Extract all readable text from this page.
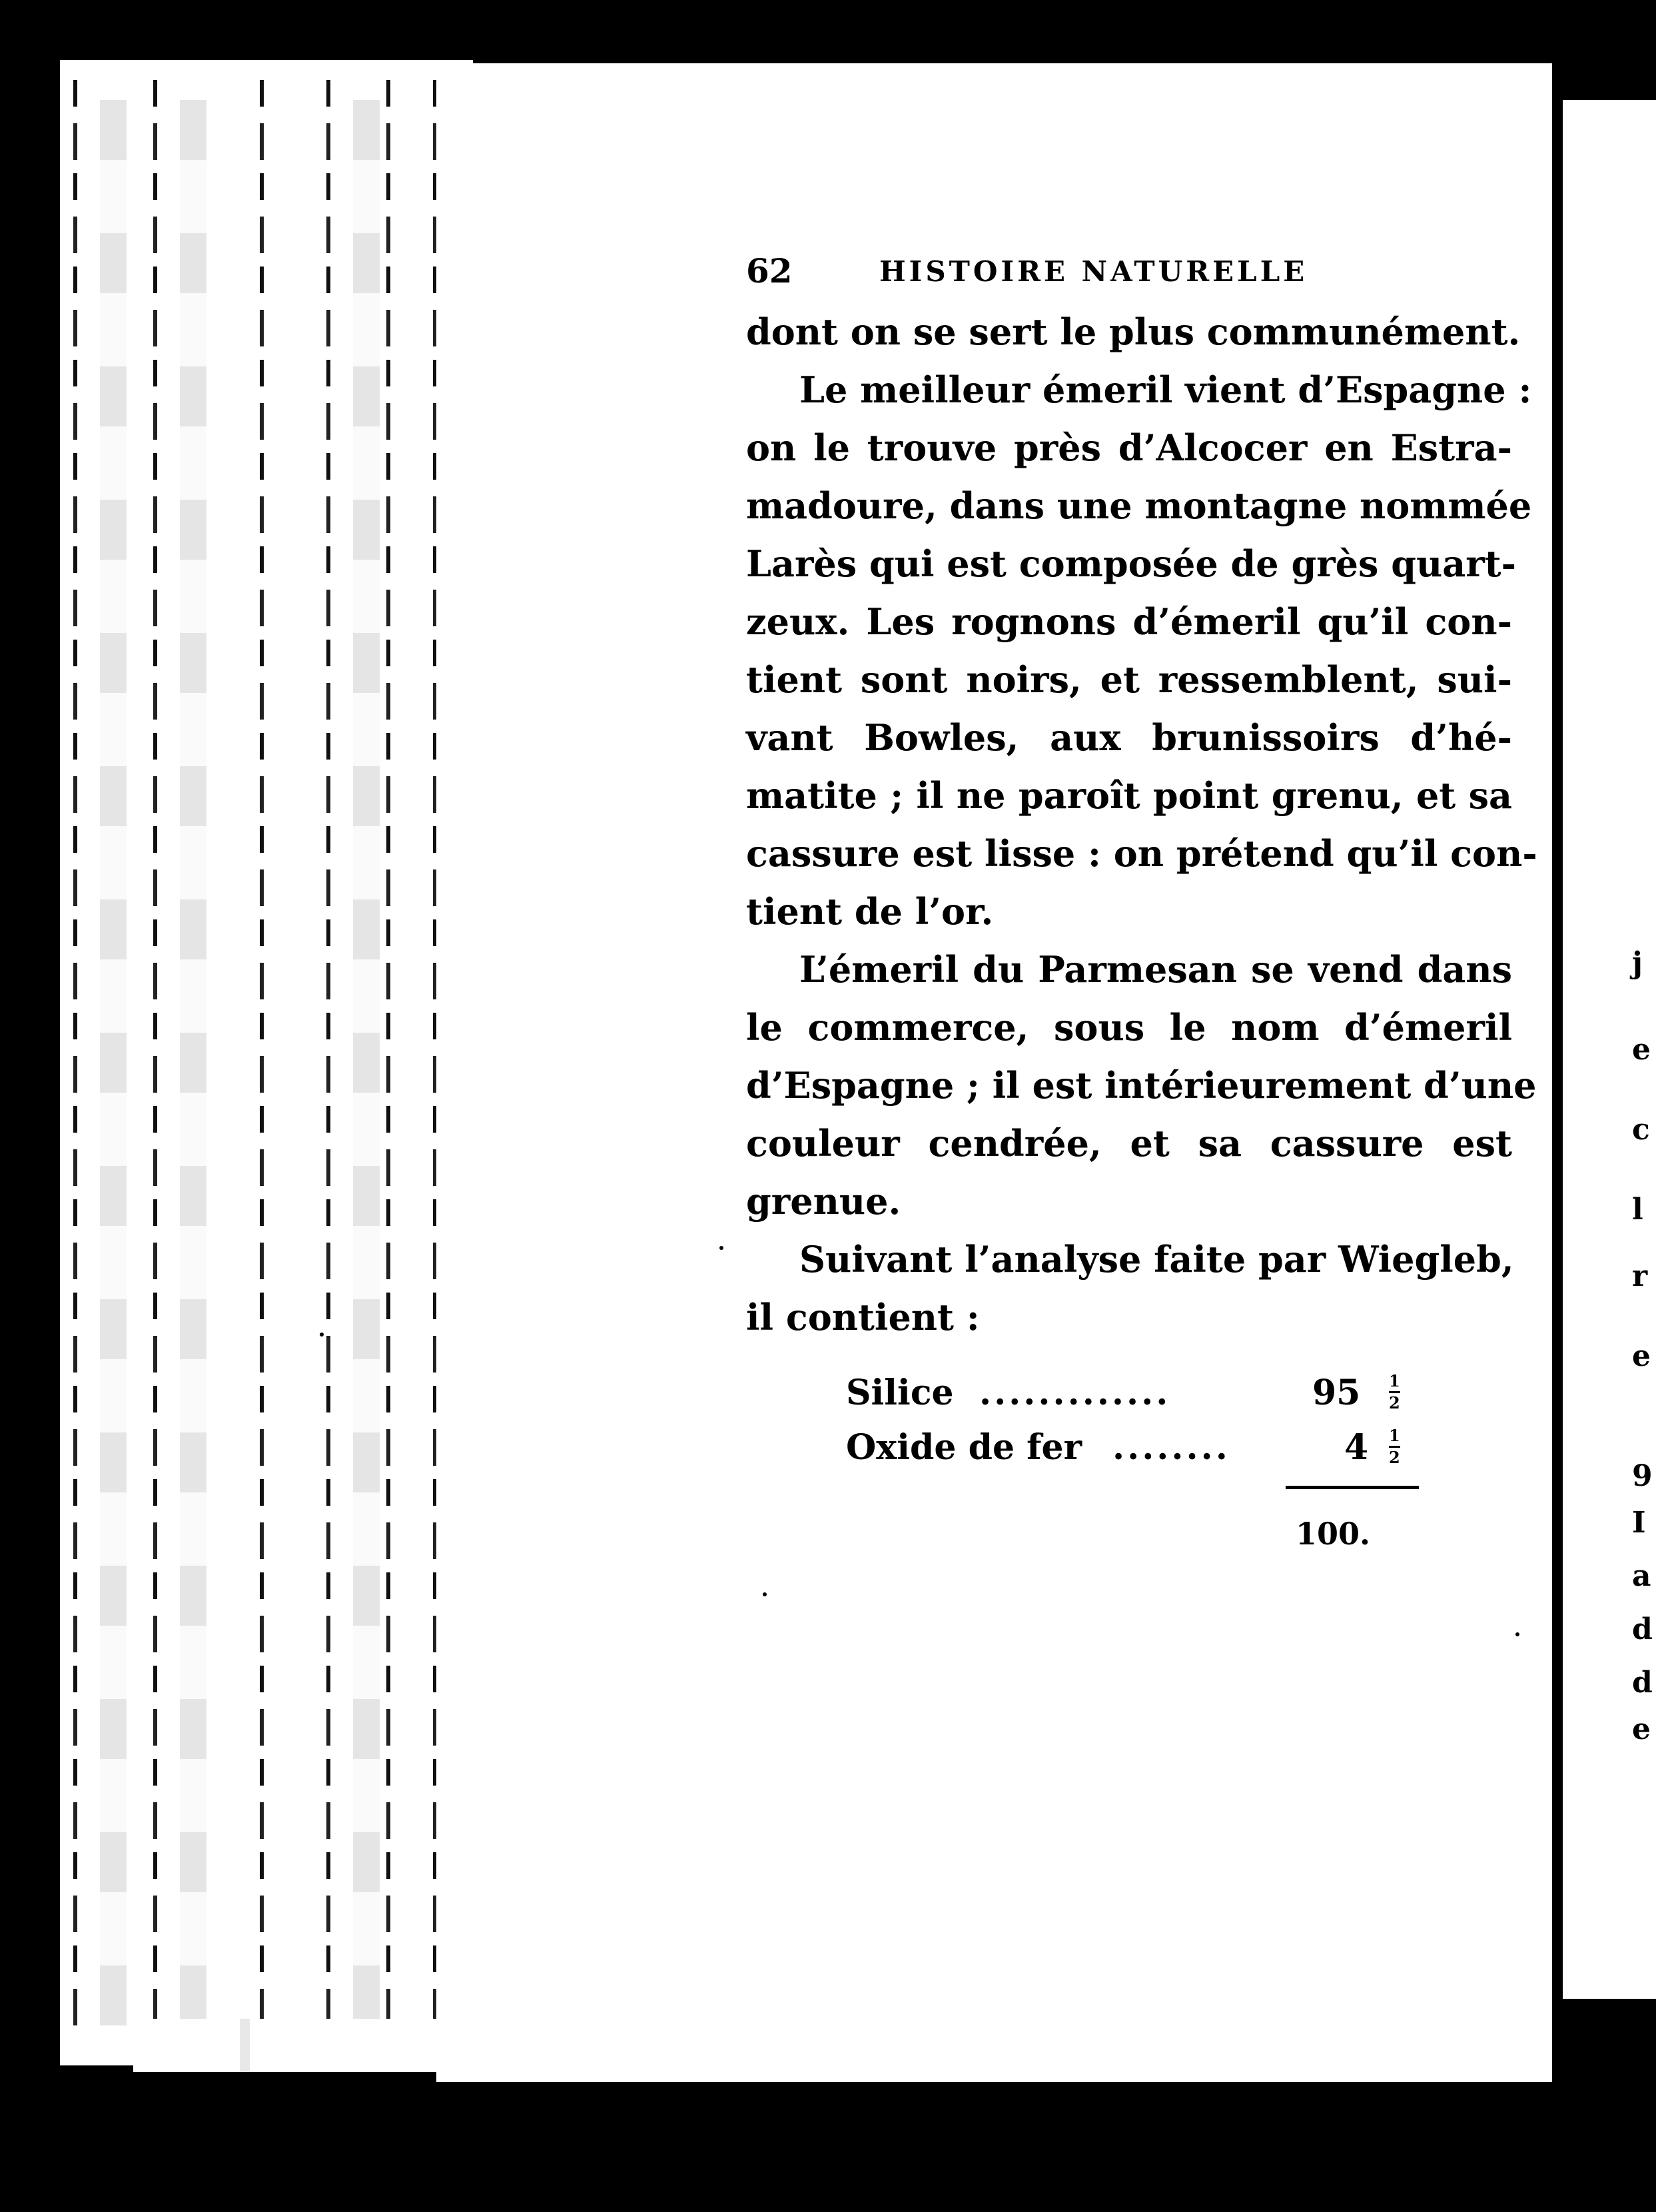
j
e
c
l
r
e
9
I
a
d
d
e
62	HISTOIRE NATURELLE
dont on se sert le plus communément.
Le meilleur émeril vient d’Espagne :
on le trouve près d’Alcocer en Estra-
madoure, dans une montagne nommée
Larès qui est composée de grès quart-
zeux. Les rognons d’émeril qu’il con-
tient sont noirs, et ressemblent, sui-
vant Bowles, aux brunissoirs d’hé-
matite ; il ne paroît point grenu, et sa
cassure est lisse : on prétend qu’il con-
tient de l’or.
L’émeril du Parmesan se vend dans
le commerce, sous le nom d’émeril
d’Espagne ; il est intérieurement d’une
couleur cendrée, et sa cassure est
grenue.
Suivant l’analyse faite par Wiegleb,
il contient :
Silice .............	$95 \frac{1}{2}$
Oxide de fer ........	$4 \frac{1}{2}$
100.
